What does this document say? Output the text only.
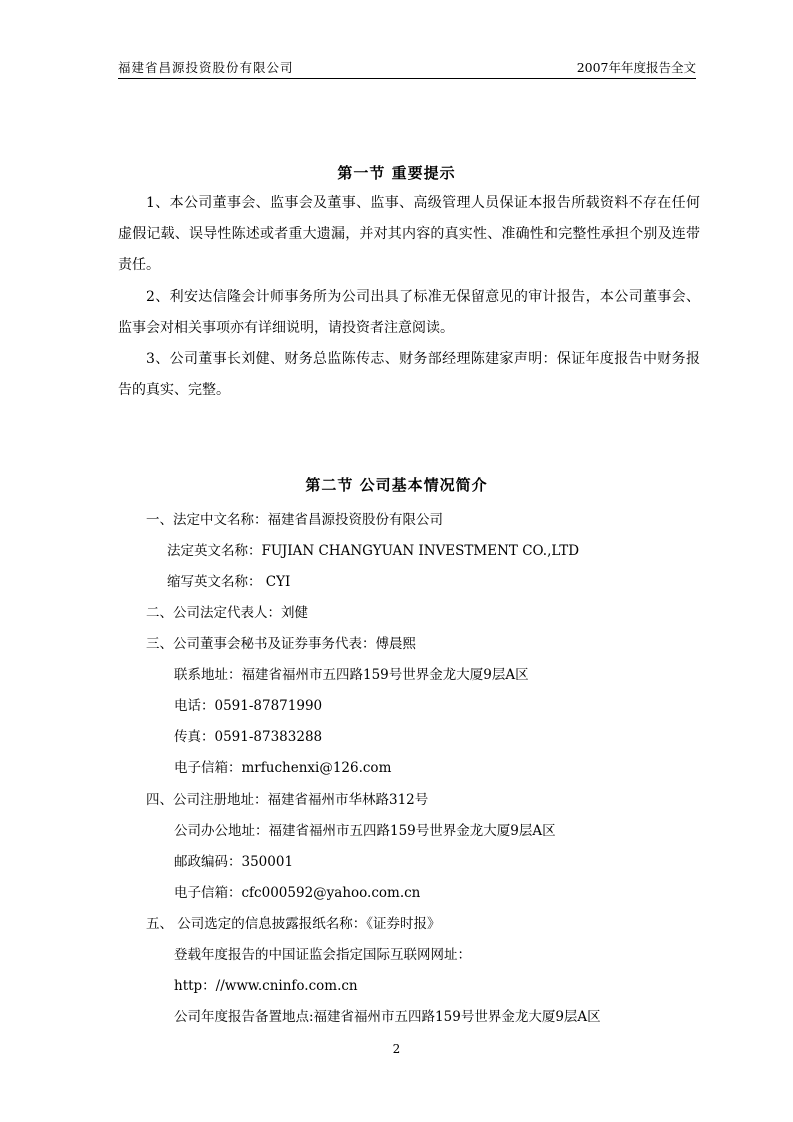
福建省昌源投资股份有限公司	2007年年度报告全文
第一节 重要提示
1、本公司董事会、监事会及董事、监事、高级管理人员保证本报告所载资料不存在任何虚假记载、误导性陈述或者重大遗漏，并对其内容的真实性、准确性和完整性承担个别及连带责任。
2、利安达信隆会计师事务所为公司出具了标准无保留意见的审计报告，本公司董事会、监事会对相关事项亦有详细说明，请投资者注意阅读。
3、公司董事长刘健、财务总监陈传志、财务部经理陈建家声明：保证年度报告中财务报告的真实、完整。
第二节 公司基本情况简介
一、法定中文名称：福建省昌源投资股份有限公司
法定英文名称：FUJIAN CHANGYUAN INVESTMENT CO.,LTD
缩写英文名称： CYI
二、公司法定代表人：刘健
三、公司董事会秘书及证券事务代表：傅晨熙
联系地址：福建省福州市五四路159号世界金龙大厦9层A区
电话：0591-87871990
传真：0591-87383288
电子信箱：mrfuchenxi@126.com
四、公司注册地址：福建省福州市华林路312号
公司办公地址：福建省福州市五四路159号世界金龙大厦9层A区
邮政编码：350001
电子信箱：cfc000592@yahoo.com.cn
五、 公司选定的信息披露报纸名称：《证券时报》
登载年度报告的中国证监会指定国际互联网网址：
http：//www.cninfo.com.cn
公司年度报告备置地点:福建省福州市五四路159号世界金龙大厦9层A区
2
